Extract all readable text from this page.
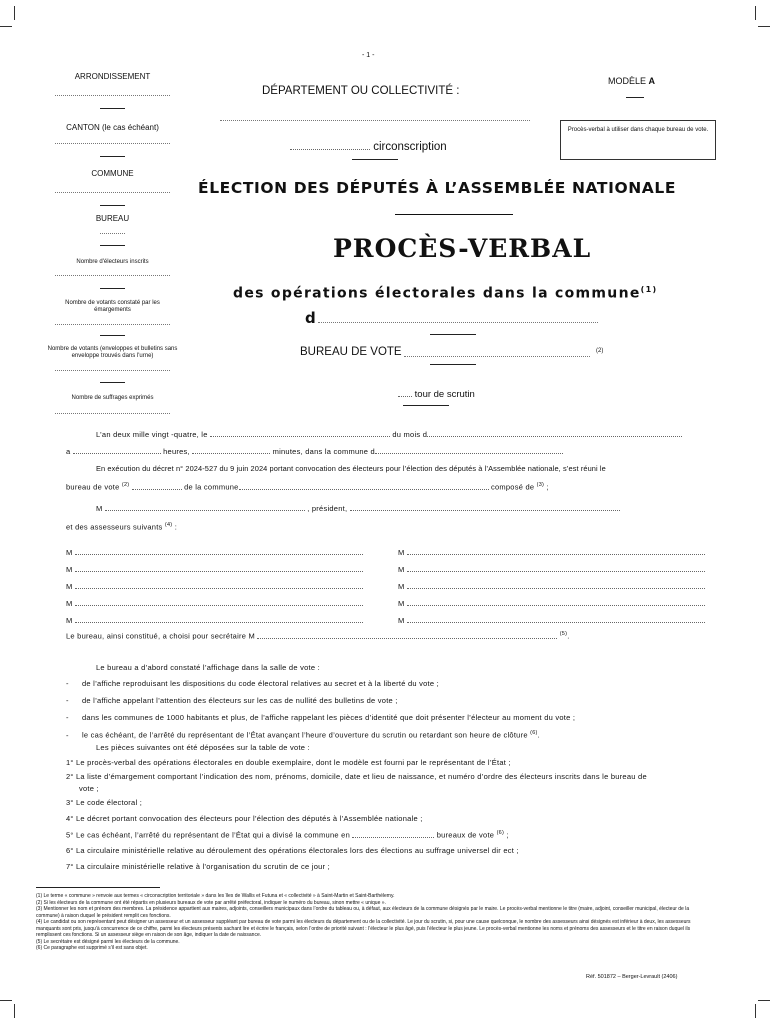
- 1 -
ARRONDISSEMENT
CANTON (le cas échéant)
COMMUNE
BUREAU
Nombre d'électeurs inscrits
Nombre de votants constaté par les émargements
Nombre de votants (enveloppes et bulletins sans enveloppe trouvés dans l'urne)
Nombre de suffrages exprimés
DÉPARTEMENT OU COLLECTIVITÉ :
MODÈLE A
Procès-verbal à utiliser dans chaque bureau de vote.
circonscription
ÉLECTION DES DÉPUTÉS À L’ASSEMBLÉE NATIONALE
PROCÈS-VERBAL
des opérations électorales dans la commune$^{(1)}$
d
BUREAU DE VOTE	(2)
tour de scrutin
L’an deux mille vingt -quatre, le	du mois d
a	heures,	minutes, dans la commune d
En exécution du décret n° 2024-527 du 9 juin 2024 portant convocation des électeurs pour l’élection des députés à l’Assemblée nationale, s’est réuni le
bureau de vote $^{(2)}$	de la commune	composé de $^{(3)}$ ;
M	, président,
et des assesseurs suivants $^{(4)}$ :
M	M
M	M
M	M
M	M
M	M
Le bureau, ainsi constitué, a choisi pour secrétaire M	$^{(5)}$.
Le bureau a d’abord constaté l’affichage dans la salle de vote :
- de l’affiche reproduisant les dispositions du code électoral relatives au secret et à la liberté du vote ;
- de l’affiche appelant l’attention des électeurs sur les cas de nullité des bulletins de vote ;
- dans les communes de 1000 habitants et plus, de l’affiche rappelant les pièces d’identité que doit présenter l’électeur au moment du vote ;
- le cas échéant, de l’arrêté du représentant de l’État avançant l’heure d’ouverture du scrutin ou retardant son heure de clôture $^{(6)}$.
Les pièces suivantes ont été déposées sur la table de vote :
1° Le procès-verbal des opérations électorales en double exemplaire, dont le modèle est fourni par le représentant de l’État ;
2° La liste d’émargement comportant l’indication des nom, prénoms, domicile, date et lieu de naissance, et numéro d’ordre des électeurs inscrits dans le bureau de
vote ;
3° Le code électoral ;
4° Le décret portant convocation des électeurs pour l’élection des députés à l’Assemblée nationale ;
5° Le cas échéant, l’arrêté du représentant de l’État qui a divisé la commune en	bureaux de vote $^{(6)}$ ;
6° La circulaire ministérielle relative au déroulement des opérations électorales lors des élections au suffrage universel dir ect ;
7° La circulaire ministérielle relative à l’organisation du scrutin de ce jour ;
(1) Le terme « commune » renvoie aux termes « circonscription territoriale » dans les îles de Wallis et Futuna et « collectivité » à Saint-Martin et Saint-Barthélemy.
(2) Si les électeurs de la commune ont été répartis en plusieurs bureaux de vote par arrêté préfectoral, indiquer le numéro du bureau, sinon mettre « unique ».
(3) Mentionner les nom et prénom des membres. La présidence appartient aux maires, adjoints, conseillers municipaux dans l’ordre du tableau ou, à défaut, aux électeurs de la commune désignés par le maire. Le procès-verbal mentionne le titre (maire, adjoint, conseiller municipal, électeur de la commune) à raison duquel le président remplit ces fonctions.
(4) Le candidat ou son représentant peut désigner un assesseur et un assesseur suppléant par bureau de vote parmi les électeurs du département ou de la collectivité. Le jour du scrutin, si, pour une cause quelconque, le nombre des assesseurs ainsi désignés est inférieur à deux, les assesseurs manquants sont pris, jusqu’à concurrence de ce chiffre, parmi les électeurs présents sachant lire et écrire le français, selon l’ordre de priorité suivant : l’électeur le plus âgé, puis l’électeur le plus jeune. Le procès-verbal mentionne les noms et prénoms des assesseurs et le titre en raison duquel ils remplissent ces fonctions. Si un assesseur siège en raison de son âge, indiquer la date de naissance.
(5) Le secrétaire est désigné parmi les électeurs de la commune.
(6) Ce paragraphe est supprimé s’il est sans objet.
Réf. 501872 – Berger-Levrault (2406)
